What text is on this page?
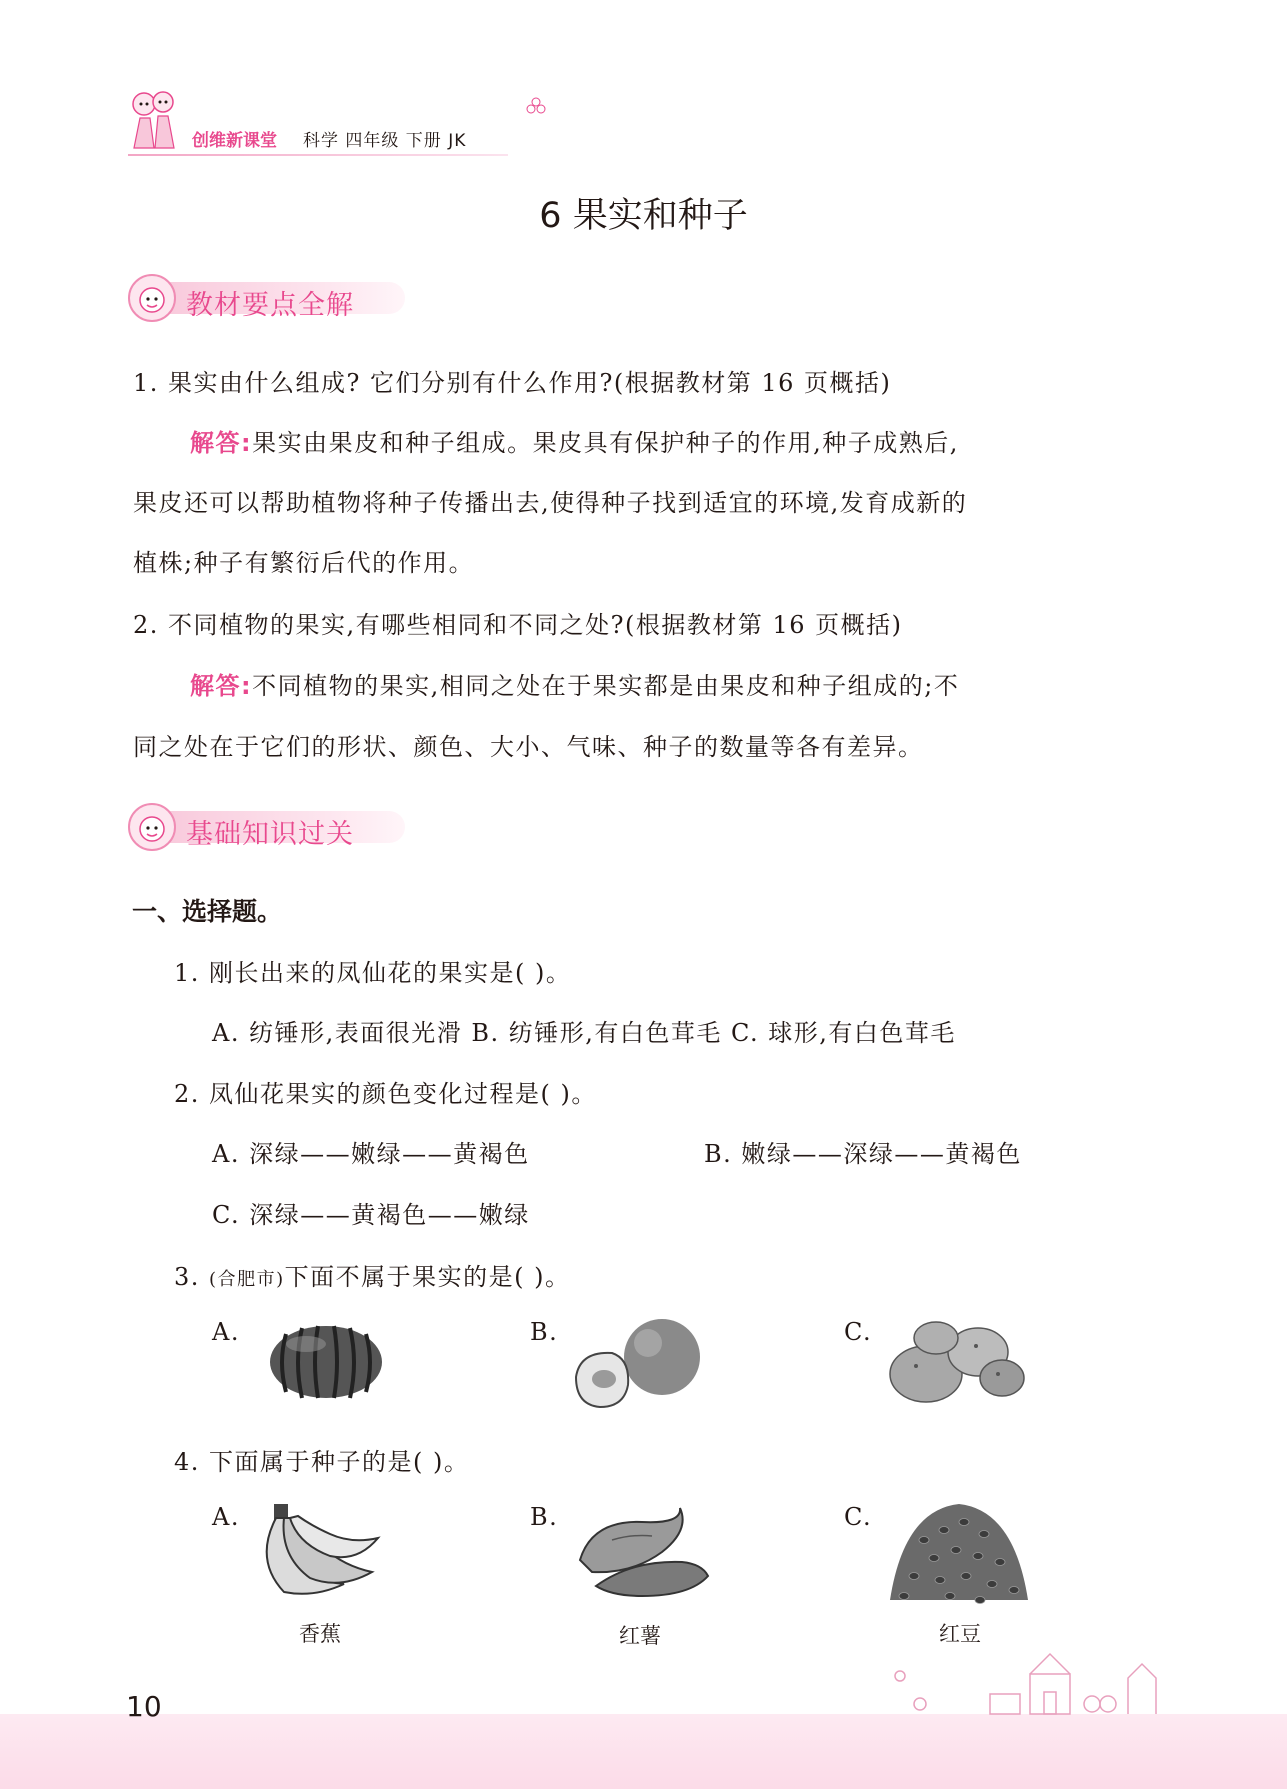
创维新课堂 科学 四年级 下册 JK
6 果实和种子
教材要点全解
1. 果实由什么组成? 它们分别有什么作用?(根据教材第 16 页概括)
解答:果实由果皮和种子组成。果皮具有保护种子的作用,种子成熟后,
果皮还可以帮助植物将种子传播出去,使得种子找到适宜的环境,发育成新的
植株;种子有繁衍后代的作用。
2. 不同植物的果实,有哪些相同和不同之处?(根据教材第 16 页概括)
解答:不同植物的果实,相同之处在于果实都是由果皮和种子组成的;不
同之处在于它们的形状、颜色、大小、气味、种子的数量等各有差异。
基础知识过关
一、选择题。
1. 刚长出来的凤仙花的果实是( )。
A. 纺锤形,表面很光滑 B. 纺锤形,有白色茸毛 C. 球形,有白色茸毛
2. 凤仙花果实的颜色变化过程是( )。
A. 深绿——嫩绿——黄褐色	B. 嫩绿——深绿——黄褐色
C. 深绿——黄褐色——嫩绿
3. (合肥市)下面不属于果实的是( )。
A.	B.	C.
4. 下面属于种子的是( )。
A.
香蕉
B.
红薯
C.
红豆
10
